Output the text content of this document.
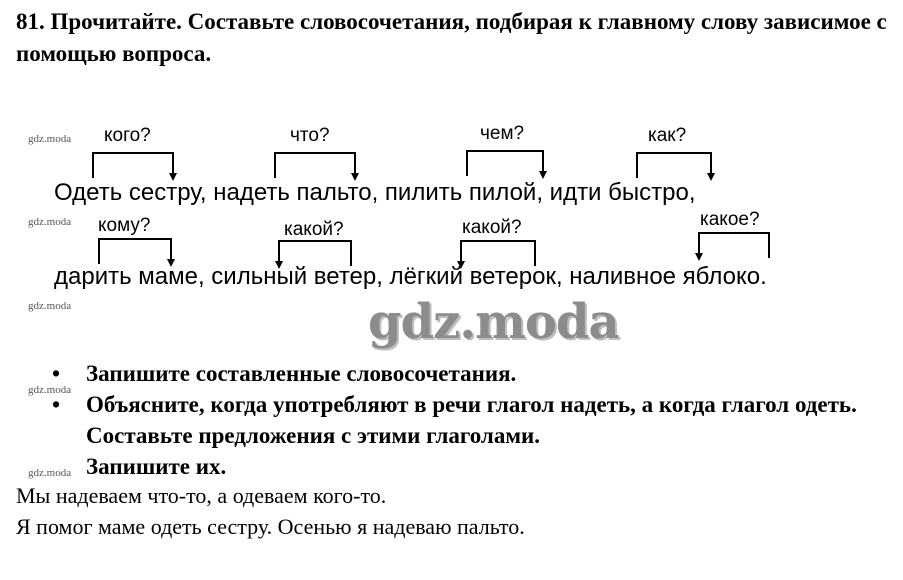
81. Прочитайте. Составьте словосочетания, подбирая к главному слову зависимое с помощью вопроса.
gdz.moda
gdz.moda
gdz.moda
gdz.moda
gdz.moda
gdz.moda
кого?	что?	чем?	как?

Одеть сестру, надеть пальто, пилить пилой, идти быстро,

кому?	какой?	какой?	какое?

дарить маме, сильный ветер, лёгкий ветерок, наливное яблоко.

• Запишите составленные словосочетания.
• Объясните, когда употребляют в речи глагол надеть, а когда глагол одеть. Составьте предложения с этими глаголами.
Запишите их.

Мы надеваем что-то, а одеваем кого-то.

Я помог маме одеть сестру. Осенью я надеваю пальто.
